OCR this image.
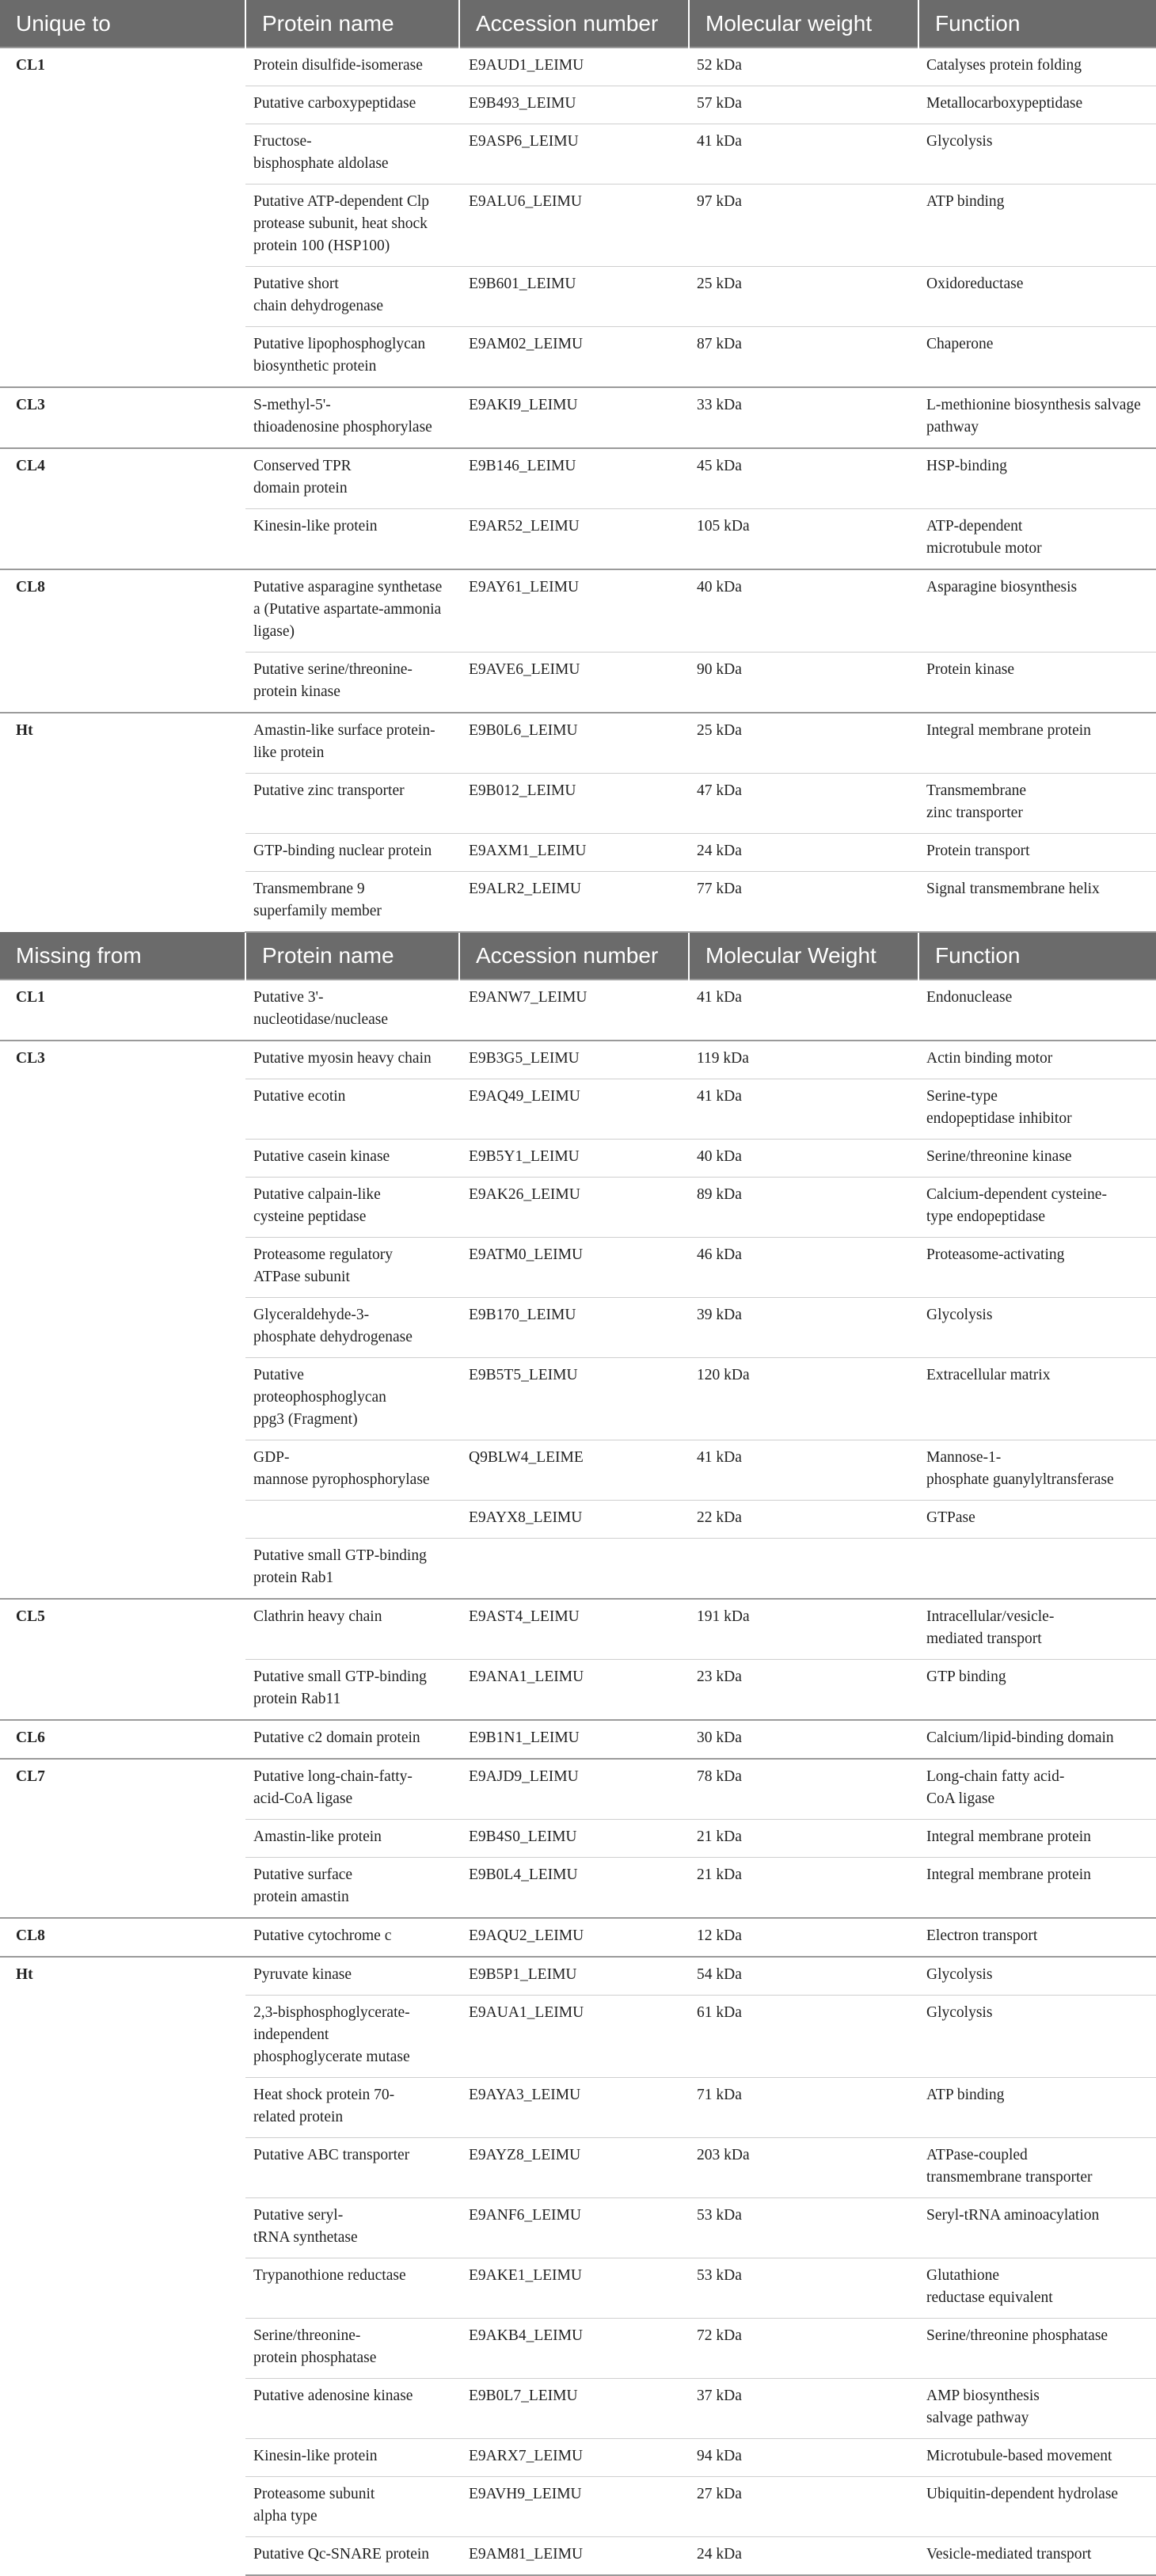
Unique to	Protein name	Accession number	Molecular weight	Function
CL1	Protein disulfide-isomerase	E9AUD1_LEIMU	52 kDa	Catalyses protein folding
	Putative carboxypeptidase	E9B493_LEIMU	57 kDa	Metallocarboxypeptidase
	Fructose-
bisphosphate aldolase	E9ASP6_LEIMU	41 kDa	Glycolysis
	Putative ATP-dependent Clp protease subunit, heat shock protein 100 (HSP100)	E9ALU6_LEIMU	97 kDa	ATP binding
	Putative short
chain dehydrogenase	E9B601_LEIMU	25 kDa	Oxidoreductase
	Putative lipophosphoglycan biosynthetic protein	E9AM02_LEIMU	87 kDa	Chaperone
CL3	S-methyl-5'-
thioadenosine phosphorylase	E9AKI9_LEIMU	33 kDa	L-methionine biosynthesis salvage pathway
CL4	Conserved TPR
domain protein	E9B146_LEIMU	45 kDa	HSP-binding
	Kinesin-like protein	E9AR52_LEIMU	105 kDa	ATP-dependent
microtubule motor
CL8	Putative asparagine synthetase a (Putative aspartate-ammonia ligase)	E9AY61_LEIMU	40 kDa	Asparagine biosynthesis
	Putative serine/threonine-
protein kinase	E9AVE6_LEIMU	90 kDa	Protein kinase
Ht	Amastin-like surface protein-like protein	E9B0L6_LEIMU	25 kDa	Integral membrane protein
	Putative zinc transporter	E9B012_LEIMU	47 kDa	Transmembrane
zinc transporter
	GTP-binding nuclear protein	E9AXM1_LEIMU	24 kDa	Protein transport
	Transmembrane 9
superfamily member	E9ALR2_LEIMU	77 kDa	Signal transmembrane helix
Missing from	Protein name	Accession number	Molecular Weight	Function
CL1	Putative 3'-
nucleotidase/nuclease	E9ANW7_LEIMU	41 kDa	Endonuclease
CL3	Putative myosin heavy chain	E9B3G5_LEIMU	119 kDa	Actin binding motor
	Putative ecotin	E9AQ49_LEIMU	41 kDa	Serine-type
endopeptidase inhibitor
	Putative casein kinase	E9B5Y1_LEIMU	40 kDa	Serine/threonine kinase
	Putative calpain-like
cysteine peptidase	E9AK26_LEIMU	89 kDa	Calcium-dependent cysteine-
type endopeptidase
	Proteasome regulatory
ATPase subunit	E9ATM0_LEIMU	46 kDa	Proteasome-activating
	Glyceraldehyde-3-
phosphate dehydrogenase	E9B170_LEIMU	39 kDa	Glycolysis
	Putative
proteophosphoglycan
ppg3 (Fragment)	E9B5T5_LEIMU	120 kDa	Extracellular matrix
	GDP-
mannose pyrophosphorylase	Q9BLW4_LEIME	41 kDa	Mannose-1-
phosphate guanylyltransferase
		E9AYX8_LEIMU	22 kDa	GTPase
	Putative small GTP-binding protein Rab1			
CL5	Clathrin heavy chain	E9AST4_LEIMU	191 kDa	Intracellular/vesicle-
mediated transport
	Putative small GTP-binding protein Rab11	E9ANA1_LEIMU	23 kDa	GTP binding
CL6	Putative c2 domain protein	E9B1N1_LEIMU	30 kDa	Calcium/lipid-binding domain
CL7	Putative long-chain-fatty-
acid-CoA ligase	E9AJD9_LEIMU	78 kDa	Long-chain fatty acid-
CoA ligase
	Amastin-like protein	E9B4S0_LEIMU	21 kDa	Integral membrane protein
	Putative surface
protein amastin	E9B0L4_LEIMU	21 kDa	Integral membrane protein
CL8	Putative cytochrome c	E9AQU2_LEIMU	12 kDa	Electron transport
Ht	Pyruvate kinase	E9B5P1_LEIMU	54 kDa	Glycolysis
	2,3-bisphosphoglycerate-
independent
phosphoglycerate mutase	E9AUA1_LEIMU	61 kDa	Glycolysis
	Heat shock protein 70-
related protein	E9AYA3_LEIMU	71 kDa	ATP binding
	Putative ABC transporter	E9AYZ8_LEIMU	203 kDa	ATPase-coupled
transmembrane transporter
	Putative seryl-
tRNA synthetase	E9ANF6_LEIMU	53 kDa	Seryl-tRNA aminoacylation
	Trypanothione reductase	E9AKE1_LEIMU	53 kDa	Glutathione
reductase equivalent
	Serine/threonine-
protein phosphatase	E9AKB4_LEIMU	72 kDa	Serine/threonine phosphatase
	Putative adenosine kinase	E9B0L7_LEIMU	37 kDa	AMP biosynthesis
salvage pathway
	Kinesin-like protein	E9ARX7_LEIMU	94 kDa	Microtubule-based movement
	Proteasome subunit
alpha type	E9AVH9_LEIMU	27 kDa	Ubiquitin-dependent hydrolase
	Putative Qc-SNARE protein	E9AM81_LEIMU	24 kDa	Vesicle-mediated transport
